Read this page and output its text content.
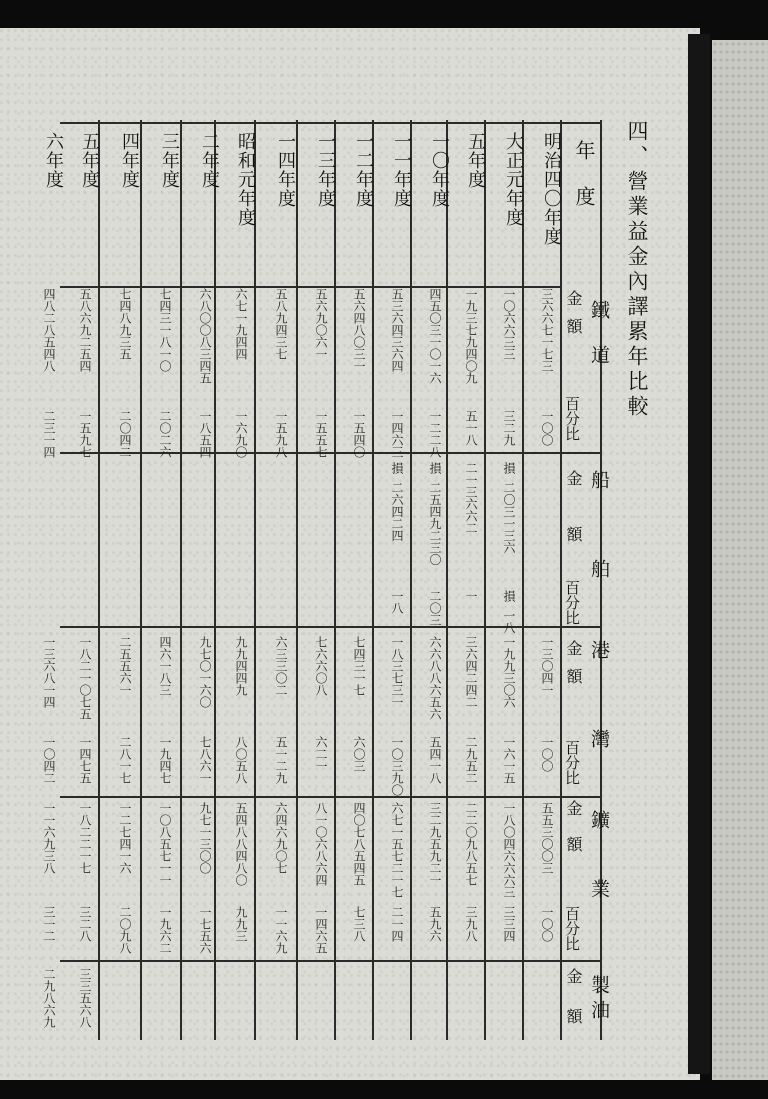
四、營業益金內譯累年比較
年度
鐵道
船舶
港灣
鑛業
製油
金額
百分比
金額
百分比
金額
百分比
金額
百分比
金額
明治四〇年度
三六六七一七三
一〇〇
一三〇四一
一〇〇
五五三〇〇三
一〇〇
大正元年度
一〇六六三三
三二九
損 二〇三一三六
損 一八
一九九三〇六
一六一五
一八〇四六六六三
三三四
五年度
一九三七九四〇九
五一八
二一三六六二
一
三六四二四二
二九五二
二二〇九八五七
三九八
一〇年度
四五〇三一〇一六
一二二八
損 二五四九二三〇
二〇三
六六八八六五六
五四一八
三二九五九二一
五九六
一一年度
五三六四三六四
一四六三
損 二六四二四
一八
一八三七三一
一〇三九〇
六七一五七二一七
二一四
一二年度
五六四八〇三一
一五四〇
七四三一七
六〇三
四〇七八五四五
七三八
一三年度
五六九〇六一
一五五七
七六六〇八
六二一
八一〇六八六四
一四六五
一四年度
五八九四三七
一五九八
六三三〇二
五一二九
六四六九〇七
一一六九
昭和元年度
六七一九四四
一六九〇
九九四四九
八〇五八
五四八八四八〇
九九三
二年度
六八〇〇八三四五
一八五四
九七〇一六〇
七八六一
九七一三〇〇
一七五六
三年度
七四三一八一〇
二〇二六
四六一八三
一九四七
一〇八五七一一
一九六二
四年度
七四八九三五
二〇四二
二五五六一
二八一七
一二七四一六
二〇九八
五年度
五八六九二五四
一五九七
一八二一〇七五
一四七五
一八二二一七
三二八
三三五六八
六年度
四八二八五四八
二三一四
一三六八一四
一〇四二
一一六九三八
三一二
二九八六九
